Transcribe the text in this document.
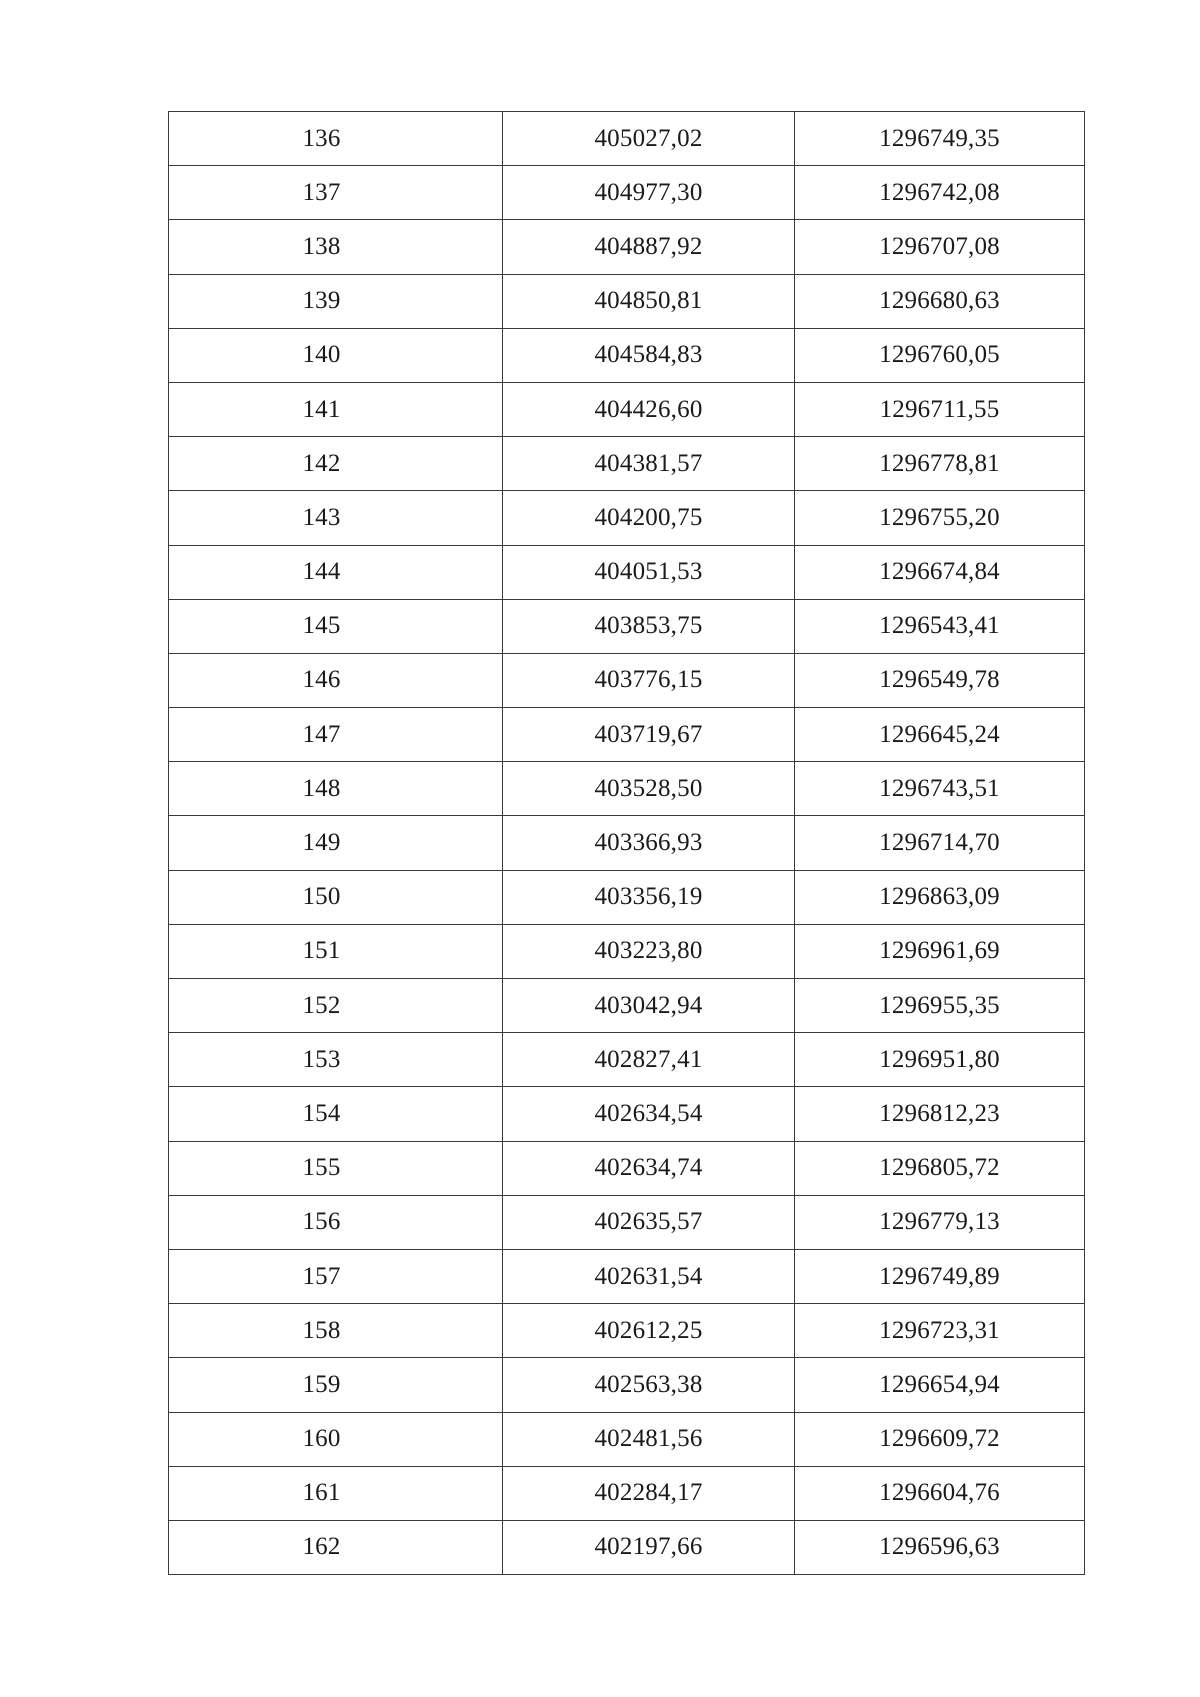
136	405027,02	1296749,35
137	404977,30	1296742,08
138	404887,92	1296707,08
139	404850,81	1296680,63
140	404584,83	1296760,05
141	404426,60	1296711,55
142	404381,57	1296778,81
143	404200,75	1296755,20
144	404051,53	1296674,84
145	403853,75	1296543,41
146	403776,15	1296549,78
147	403719,67	1296645,24
148	403528,50	1296743,51
149	403366,93	1296714,70
150	403356,19	1296863,09
151	403223,80	1296961,69
152	403042,94	1296955,35
153	402827,41	1296951,80
154	402634,54	1296812,23
155	402634,74	1296805,72
156	402635,57	1296779,13
157	402631,54	1296749,89
158	402612,25	1296723,31
159	402563,38	1296654,94
160	402481,56	1296609,72
161	402284,17	1296604,76
162	402197,66	1296596,63
